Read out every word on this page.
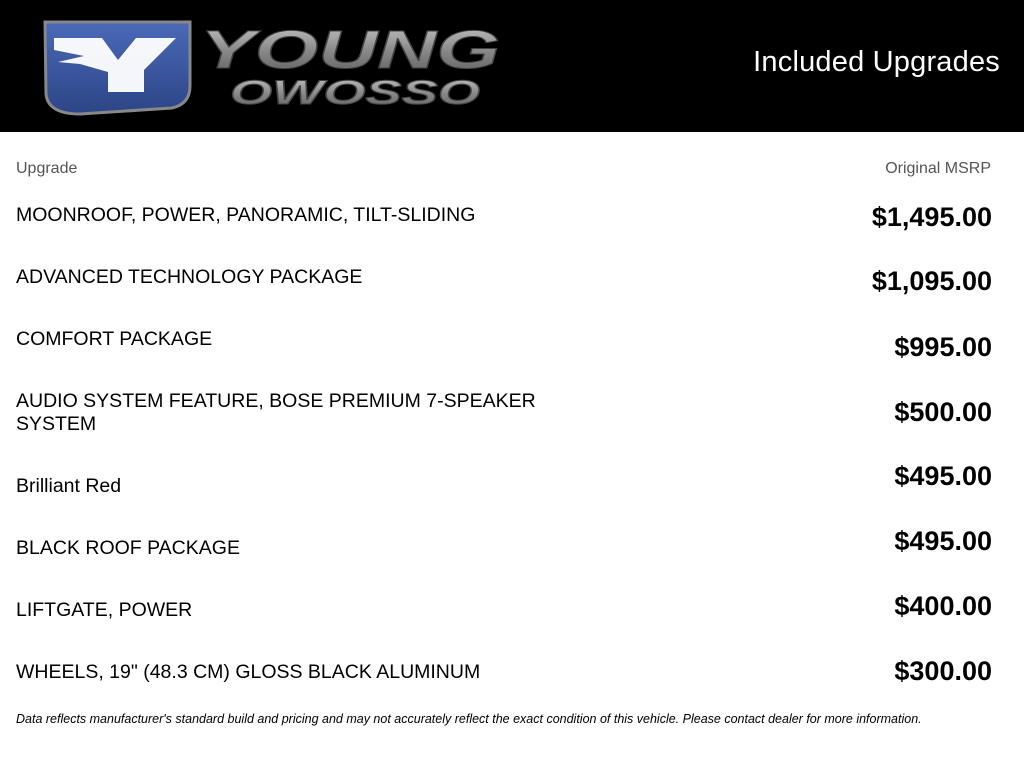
YOUNG
OWOSSO
Included Upgrades
Upgrade	Original MSRP
MOONROOF, POWER, PANORAMIC, TILT-SLIDING	$1,495.00
ADVANCED TECHNOLOGY PACKAGE	$1,095.00
COMFORT PACKAGE	$995.00
AUDIO SYSTEM FEATURE, BOSE PREMIUM 7-SPEAKER SYSTEM	$500.00
Brilliant Red	$495.00
BLACK ROOF PACKAGE	$495.00
LIFTGATE, POWER	$400.00
WHEELS, 19" (48.3 CM) GLOSS BLACK ALUMINUM	$300.00
Data reflects manufacturer's standard build and pricing and may not accurately reflect the exact condition of this vehicle. Please contact dealer for more information.
